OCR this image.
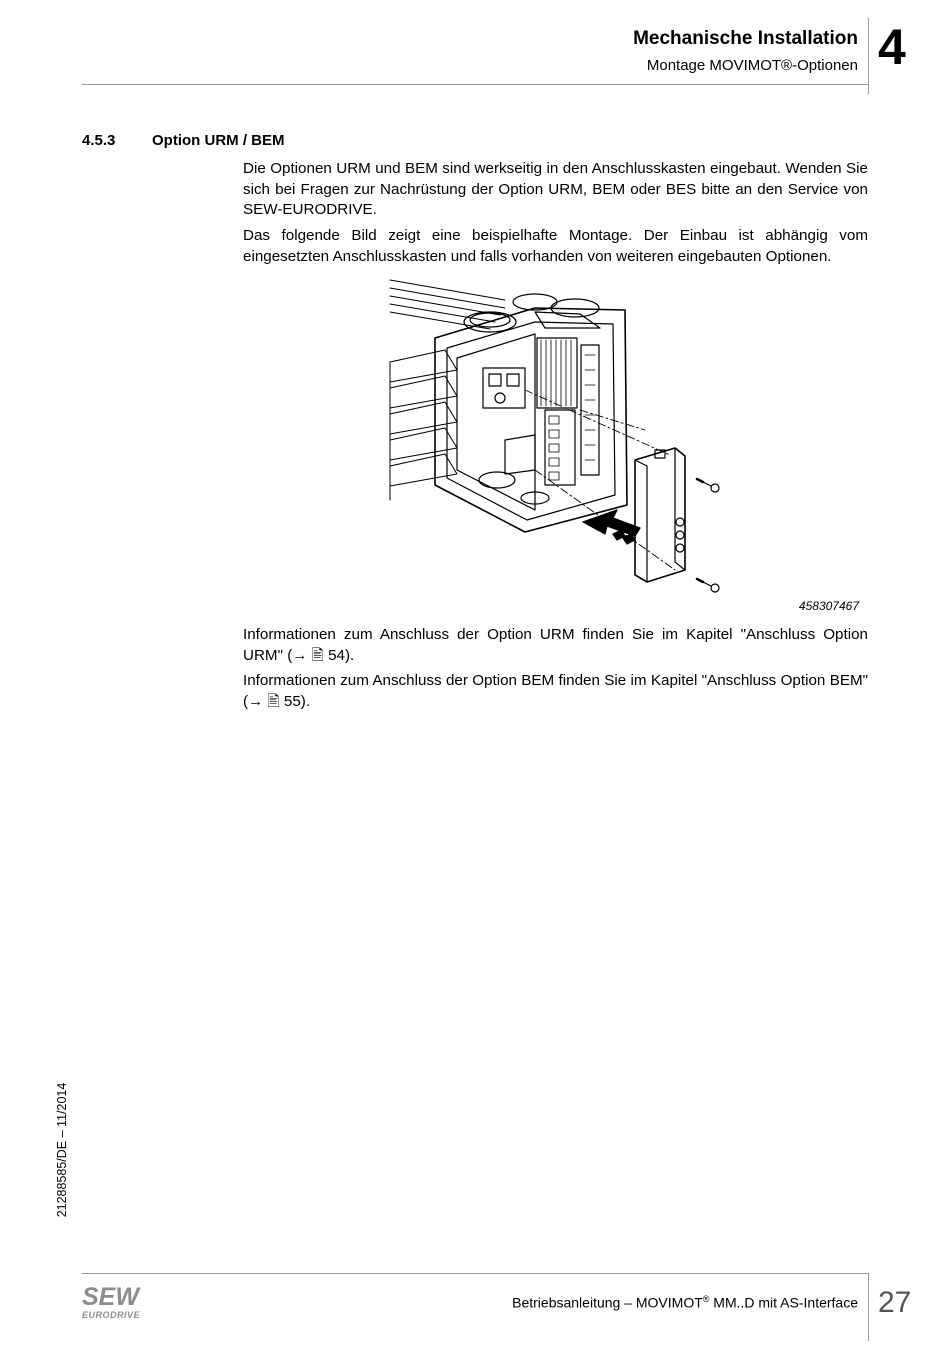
Mechanische Installation
Montage MOVIMOT®-Optionen 4
4.5.3 Option URM / BEM

Die Optionen URM und BEM sind werkseitig in den Anschlusskasten eingebaut. Wenden Sie sich bei Fragen zur Nachrüstung der Option URM, BEM oder BES bitte an den Service von SEW-EURODRIVE.

Das folgende Bild zeigt eine beispielhafte Montage. Der Einbau ist abhängig vom eingesetzten Anschlusskasten und falls vorhanden von weiteren eingebauten Optionen.

458307467

Informationen zum Anschluss der Option URM finden Sie im Kapitel "Anschluss Option URM" (→ 🖹 54).

Informationen zum Anschluss der Option BEM finden Sie im Kapitel "Anschluss Option BEM" (→ 🖹 55).

21288585/DE – 11/2014
SEW
EURODRIVE
Betriebsanleitung – MOVIMOT® MM..D mit AS-Interface 27
